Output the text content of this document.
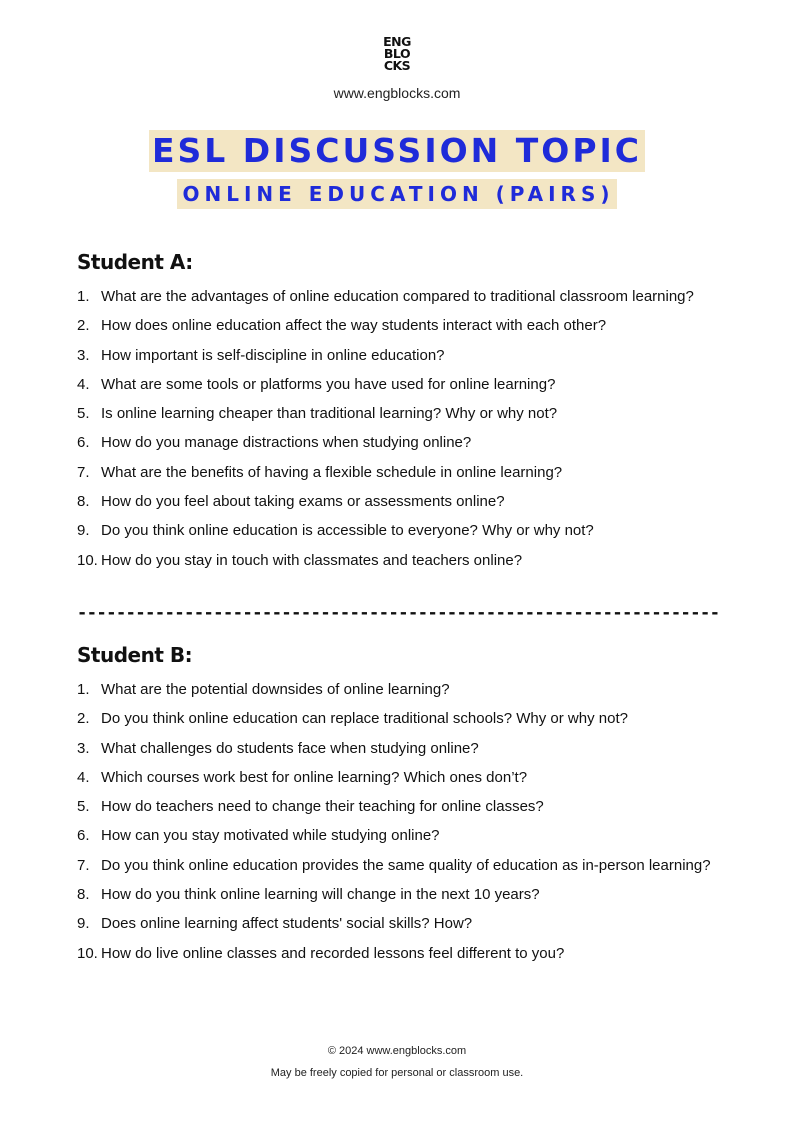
ENG
BLO
CKS
www.engblocks.com
ESL DISCUSSION TOPIC
ONLINE EDUCATION (PAIRS)
Student A:
1. What are the advantages of online education compared to traditional classroom learning?
2. How does online education affect the way students interact with each other?
3. How important is self-discipline in online education?
4. What are some tools or platforms you have used for online learning?
5. Is online learning cheaper than traditional learning? Why or why not?
6. How do you manage distractions when studying online?
7. What are the benefits of having a flexible schedule in online learning?
8. How do you feel about taking exams or assessments online?
9. Do you think online education is accessible to everyone? Why or why not?
10. How do you stay in touch with classmates and teachers online?
------------------------------------------------------------------
Student B:
1. What are the potential downsides of online learning?
2. Do you think online education can replace traditional schools? Why or why not?
3. What challenges do students face when studying online?
4. Which courses work best for online learning? Which ones don’t?
5. How do teachers need to change their teaching for online classes?
6. How can you stay motivated while studying online?
7. Do you think online education provides the same quality of education as in-person learning?
8. How do you think online learning will change in the next 10 years?
9. Does online learning affect students' social skills? How?
10. How do live online classes and recorded lessons feel different to you?
© 2024 www.engblocks.com
May be freely copied for personal or classroom use.
